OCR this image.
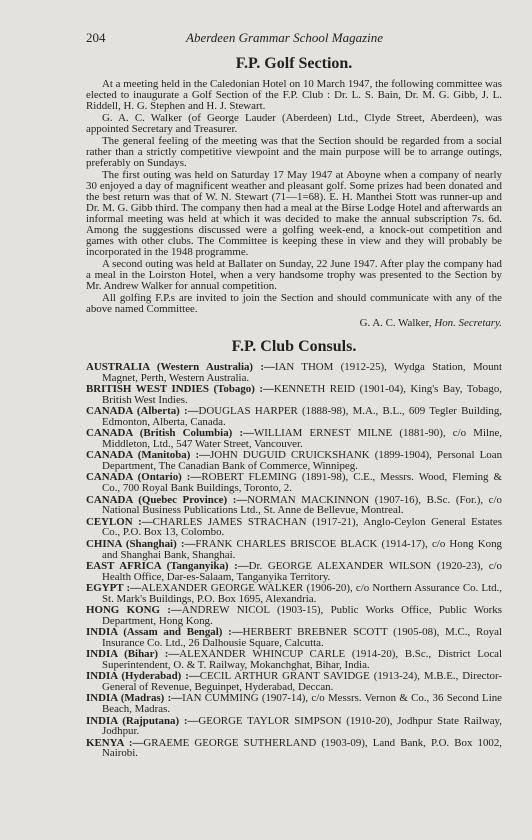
204	Aberdeen Grammar School Magazine
F.P. Golf Section.

At a meeting held in the Caledonian Hotel on 10 March 1947, the following committee was elected to inaugurate a Golf Section of the F.P. Club : Dr. L. S. Bain, Dr. M. G. Gibb, J. L. Riddell, H. G. Stephen and H. J. Stewart.

G. A. C. Walker (of George Lauder (Aberdeen) Ltd., Clyde Street, Aberdeen), was appointed Secretary and Treasurer.

The general feeling of the meeting was that the Section should be regarded from a social rather than a strictly competitive viewpoint and the main purpose will be to arrange outings, preferably on Sundays.

The first outing was held on Saturday 17 May 1947 at Aboyne when a company of nearly 30 enjoyed a day of magnificent weather and pleasant golf. Some prizes had been donated and the best return was that of W. N. Stewart (71—1=68). E. H. Manthei Stott was runner-up and Dr. M. G. Gibb third. The company then had a meal at the Birse Lodge Hotel and afterwards an informal meeting was held at which it was decided to make the annual subscription 7s. 6d. Among the suggestions discussed were a golfing week-end, a knock-out competition and games with other clubs. The Committee is keeping these in view and they will probably be incorporated in the 1948 programme.

A second outing was held at Ballater on Sunday, 22 June 1947. After play the company had a meal in the Loirston Hotel, when a very handsome trophy was presented to the Section by Mr. Andrew Walker for annual competition.

All golfing F.P.s are invited to join the Section and should communicate with any of the above named Committee.

G. A. C. Walker, Hon. Secretary.
F.P. Club Consuls.
AUSTRALIA (Western Australia) :—IAN THOM (1912-25), Wydga Station, Mount Magnet, Perth, Western Australia.
BRITISH WEST INDIES (Tobago) :—KENNETH REID (1901-04), King's Bay, Tobago, British West Indies.
CANADA (Alberta) :—DOUGLAS HARPER (1888-98), M.A., B.L., 609 Tegler Building, Edmonton, Alberta, Canada.
CANADA (British Columbia) :—WILLIAM ERNEST MILNE (1881-90), c/o Milne, Middleton, Ltd., 547 Water Street, Vancouver.
CANADA (Manitoba) :—JOHN DUGUID CRUICKSHANK (1899-1904), Personal Loan Department, The Canadian Bank of Commerce, Winnipeg.
CANADA (Ontario) :—ROBERT FLEMING (1891-98), C.E., Messrs. Wood, Fleming & Co., 700 Royal Bank Buildings, Toronto, 2.
CANADA (Quebec Province) :—NORMAN MACKINNON (1907-16), B.Sc. (For.), c/o National Business Publications Ltd., St. Anne de Bellevue, Montreal.
CEYLON :—CHARLES JAMES STRACHAN (1917-21), Anglo-Ceylon General Estates Co., P.O. Box 13, Colombo.
CHINA (Shanghai) :—FRANK CHARLES BRISCOE BLACK (1914-17), c/o Hong Kong and Shanghai Bank, Shanghai.
EAST AFRICA (Tanganyika) :—Dr. GEORGE ALEXANDER WILSON (1920-23), c/o Health Office, Dar-es-Salaam, Tanganyika Territory.
EGYPT :—ALEXANDER GEORGE WALKER (1906-20), c/o Northern Assurance Co. Ltd., St. Mark's Buildings, P.O. Box 1695, Alexandria.
HONG KONG :—ANDREW NICOL (1903-15), Public Works Office, Public Works Department, Hong Kong.
INDIA (Assam and Bengal) :—HERBERT BREBNER SCOTT (1905-08), M.C., Royal Insurance Co. Ltd., 26 Dalhousie Square, Calcutta.
INDIA (Bihar) :—ALEXANDER WHINCUP CARLE (1914-20), B.Sc., District Local Superintendent, O. & T. Railway, Mokanchghat, Bihar, India.
INDIA (Hyderabad) :—CECIL ARTHUR GRANT SAVIDGE (1913-24), M.B.E., Director-General of Revenue, Beguinpet, Hyderabad, Deccan.
INDIA (Madras) :—IAN CUMMING (1907-14), c/o Messrs. Vernon & Co., 36 Second Line Beach, Madras.
INDIA (Rajputana) :—GEORGE TAYLOR SIMPSON (1910-20), Jodhpur State Railway, Jodhpur.
KENYA :—GRAEME GEORGE SUTHERLAND (1903-09), Land Bank, P.O. Box 1002, Nairobi.
